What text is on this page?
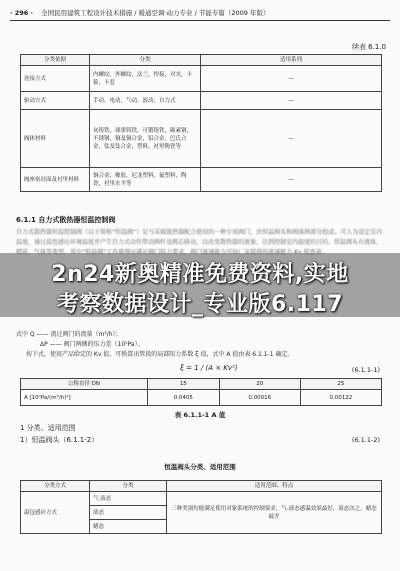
· 296 · 全国民用建筑工程设计技术措施 / 暖通空调·动力专业 / 节能专篇（2009 年版）
续表 6.1.0
分类依据	分类	适用系列
连接方式	内螺纹，外螺纹，法兰，焊接，对夹，卡箍，卡套	—
驱动方式	手动，电动，气动，液动，自力式	—
阀体材料	灰铸铁，球墨铸铁，可锻铸铁，碳素钢，不锈钢，铜及铜合金，铝合金，巴氏合金，钛及钛合金，塑料，衬里陶瓷等	—
阀座密封面及衬里材料	铜合金，橡胶，尼龙塑料，氟塑料，陶瓷，衬里水平等	—
6.1.1 自力式散热器恒温控制阀
自力式散热器恒温控制阀（以下简称“恒温阀”）是与采暖散热器配合使用的一种专用阀门，由恒温阀头和阀体两部分组成。可人为设定室内温度，通过温包感应环境温度并产生自力式动作带动阀杆及阀芯移动，以改变散热器的流量，达到控制室内温度的目的。恒温阀头有液体、
式中 Q —— 流过阀门的流量（m³/h）；
ΔP —— 阀门两侧的压力差（10⁵Pa）。
按下式，使用产品给定的 Kv 值，可换算出管段的局部阻力系数 ξ 值，式中 A 值由表 6.1.1-1 确定。
ξ = 1 / (A × Kv²)	(6.1.1-1)
公称直径 DN	15	20	25
A [10⁴Pa/(m³/h)²]	0.0405	0.00016	0.00122
表 6.1.1-1 A 值
1 分类、适用范围
1）恒温阀头（6.1.1-2）	(6.1.1-2)
恒温阀头分类、适用范围
分类方式	分类	适用范围、特点
温包感应方式	气·液态	三种类别均能满足使用对象系统的控制要求，气-液态感温效果最好，液态次之，蜡态最差
	液态	
	蜡态	
2n24新奥精准免费资料,实地
考察数据设计_专业版6.117
